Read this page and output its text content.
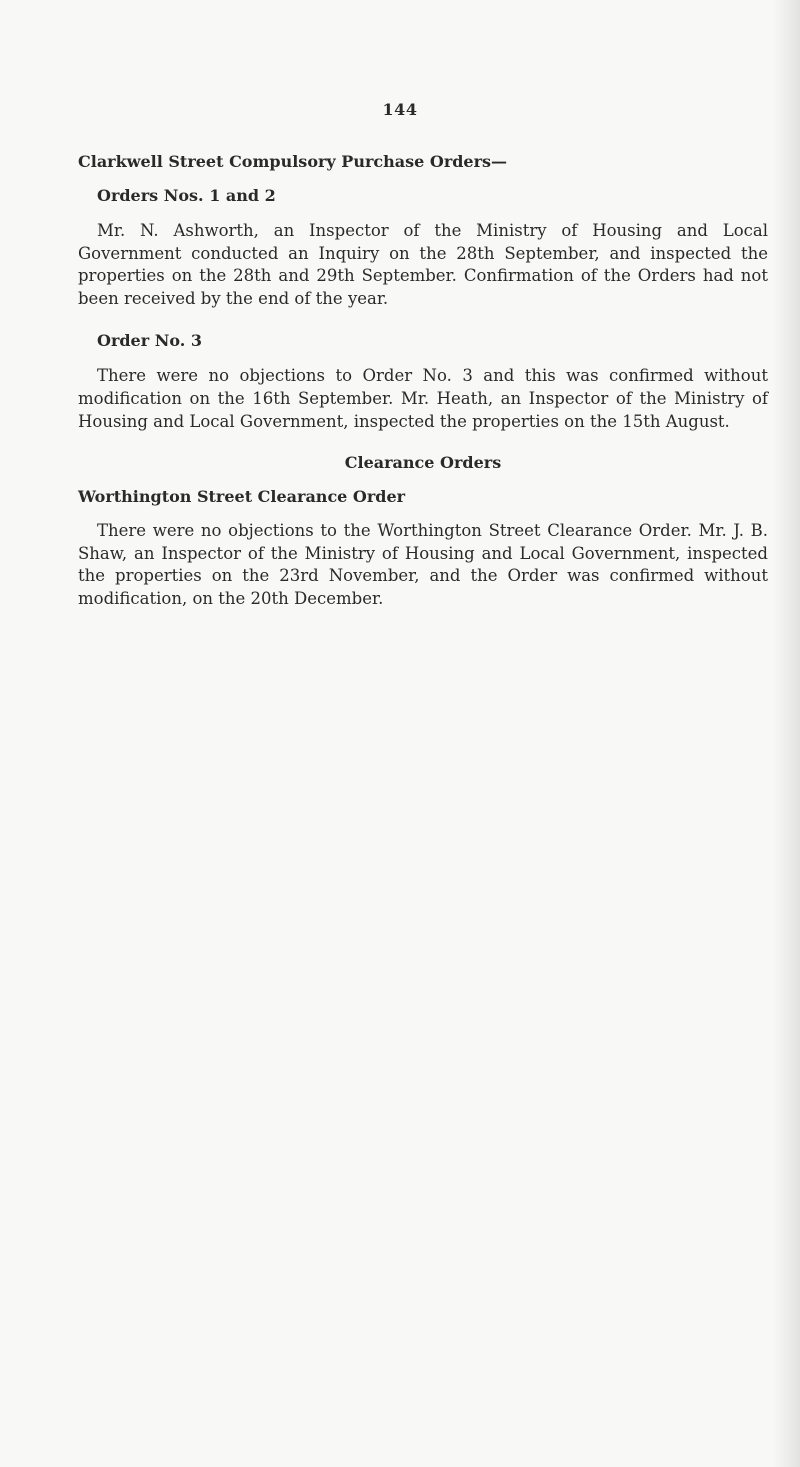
144

Clarkwell Street Compulsory Purchase Orders—

Orders Nos. 1 and 2

Mr. N. Ashworth, an Inspector of the Ministry of Housing and Local Government conducted an Inquiry on the 28th September, and inspected the properties on the 28th and 29th September. Confirmation of the Orders had not been received by the end of the year.

Order No. 3

There were no objections to Order No. 3 and this was confirmed without modification on the 16th September. Mr. Heath, an Inspector of the Ministry of Housing and Local Government, inspected the properties on the 15th August.

Clearance Orders

Worthington Street Clearance Order

There were no objections to the Worthington Street Clearance Order. Mr. J. B. Shaw, an Inspector of the Ministry of Housing and Local Government, inspected the properties on the 23rd November, and the Order was confirmed without modification, on the 20th December.
